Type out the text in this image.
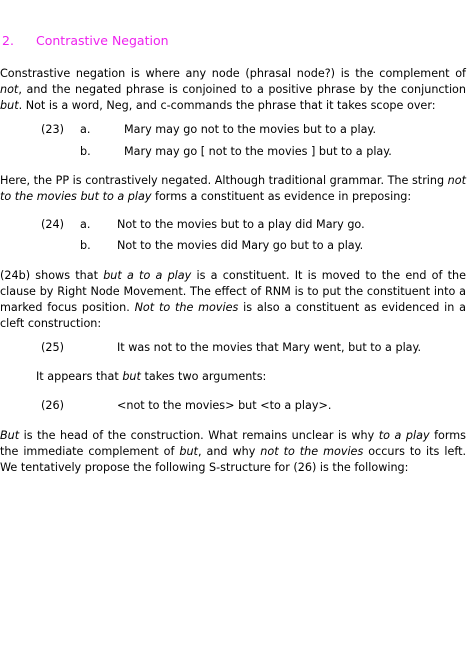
2. Contrastive Negation
Constrastive negation is where any node (phrasal node?) is the complement of not, and the negated phrase is conjoined to a positive phrase by the conjunction but. Not is a word, Neg, and c-commands the phrase that it takes scope over:
(23) a.	Mary may go not to the movies but to a play.
b.	Mary may go [ not to the movies ] but to a play.
Here, the PP is contrastively negated. Although traditional grammar. The string not to the movies but to a play forms a constituent as evidence in preposing:
(24) a. Not to the movies but to a play did Mary go.
b. Not to the movies did Mary go but to a play.
(24b) shows that but a to a play is a constituent. It is moved to the end of the clause by Right Node Movement. The effect of RNM is to put the constituent into a marked focus position. Not to the movies is also a constituent as evidenced in a cleft construction:
(25)	It was not to the movies that Mary went, but to a play.
It appears that but takes two arguments:
(26)	<not to the movies> but <to a play>.
But is the head of the construction. What remains unclear is why to a play forms the immediate complement of but, and why not to the movies occurs to its left. We tentatively propose the following S-structure for (26) is the following:
